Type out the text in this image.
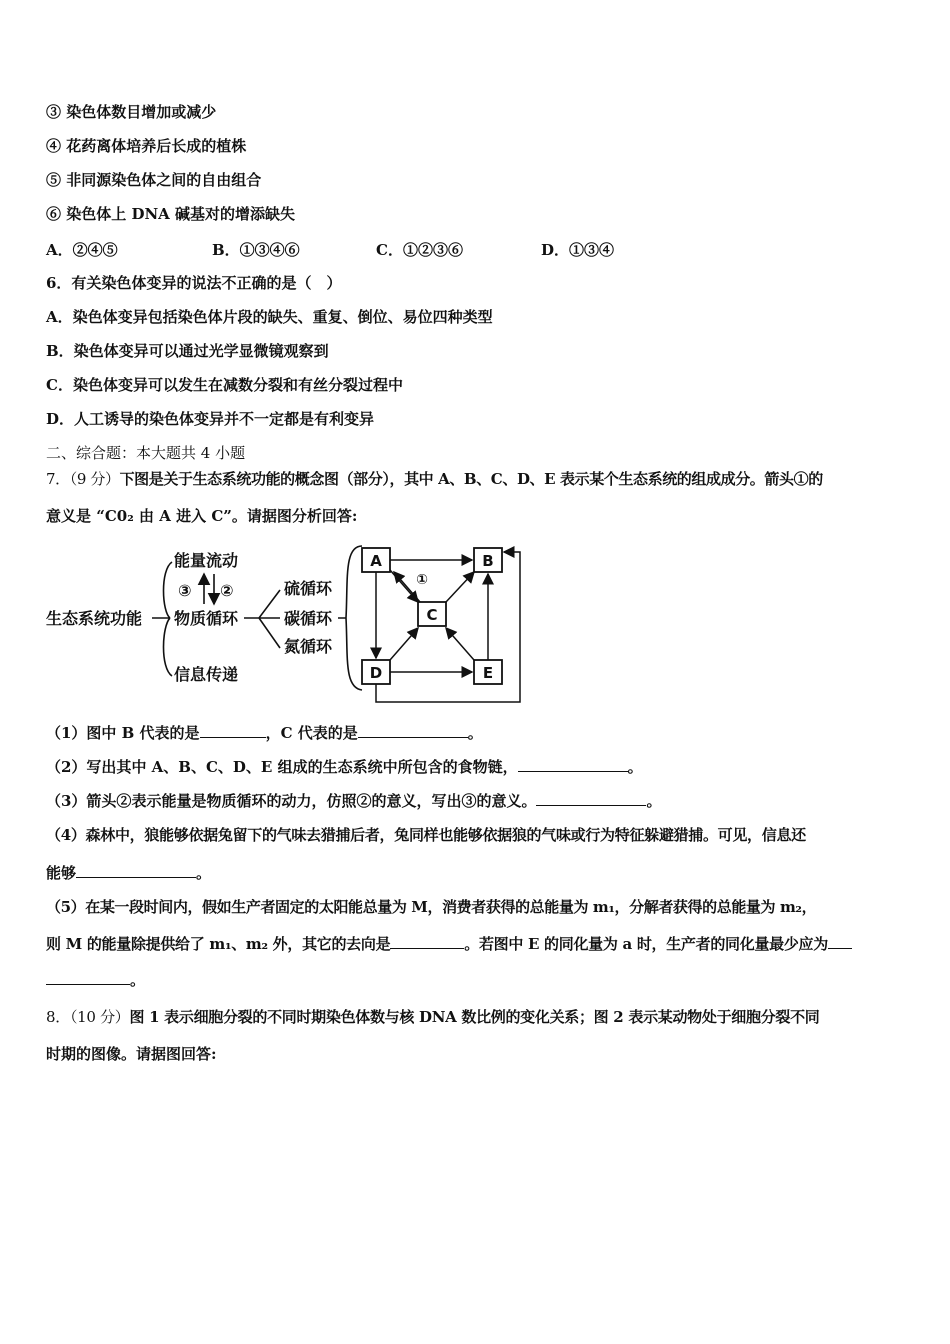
③ 染色体数目增加或减少
④ 花药离体培养后长成的植株
⑤ 非同源染色体之间的自由组合
⑥ 染色体上 DNA 碱基对的增添缺失
A．②④⑤	B．①③④⑥	C．①②③⑥	D．①③④
6．有关染色体变异的说法不正确的是（　）
A．染色体变异包括染色体片段的缺失、重复、倒位、易位四种类型
B．染色体变异可以通过光学显微镜观察到
C．染色体变异可以发生在减数分裂和有丝分裂过程中
D．人工诱导的染色体变异并不一定都是有利变异
二、综合题：本大题共 4 小题
7．（9 分）下图是关于生态系统功能的概念图（部分），其中 A、B、C、D、E 表示某个生态系统的组成成分。箭头①的
意义是 “C0₂ 由 A 进入 C”。请据图分析回答:
生态系统功能
能量流动
物质循环
信息传递
③ ②	硫循环
碳循环
氮循环
A	B
C
D	E
①
（1）图中 B 代表的是	，C 代表的是	。
（2）写出其中 A、B、C、D、E 组成的生态系统中所包含的食物链，	。
（3）箭头②表示能量是物质循环的动力，仿照②的意义，写出③的意义。	。
（4）森林中，狼能够依据兔留下的气味去猎捕后者，兔同样也能够依据狼的气味或行为特征躲避猎捕。可见，信息还
能够	。
（5）在某一段时间内，假如生产者固定的太阳能总量为 M，消费者获得的总能量为 m₁，分解者获得的总能量为 m₂，
则 M 的能量除提供给了 m₁、m₂ 外，其它的去向是	。若图中 E 的同化量为 a 时，生产者的同化量最少应为
。
8．（10 分）图 1 表示细胞分裂的不同时期染色体数与核 DNA 数比例的变化关系；图 2 表示某动物处于细胞分裂不同
时期的图像。请据图回答:
